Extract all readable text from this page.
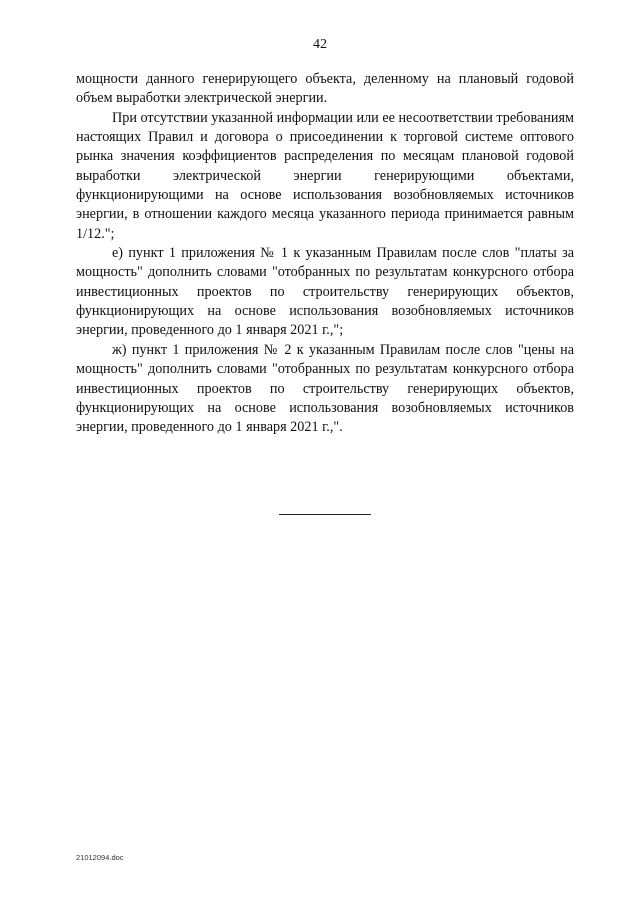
42

мощности данного генерирующего объекта, деленному на плановый годовой объем выработки электрической энергии.

При отсутствии указанной информации или ее несоответствии требованиям настоящих Правил и договора о присоединении к торговой системе оптового рынка значения коэффициентов распределения по месяцам плановой годовой выработки электрической энергии генерирующими объектами, функционирующими на основе использования возобновляемых источников энергии, в отношении каждого месяца указанного периода принимается равным 1/12.";

е) пункт 1 приложения № 1 к указанным Правилам после слов "платы за мощность" дополнить словами "отобранных по результатам конкурсного отбора инвестиционных проектов по строительству генерирующих объектов, функционирующих на основе использования возобновляемых источников энергии, проведенного до 1 января 2021 г.,";

ж) пункт 1 приложения № 2 к указанным Правилам после слов "цены на мощность" дополнить словами "отобранных по результатам конкурсного отбора инвестиционных проектов по строительству генерирующих объектов, функционирующих на основе использования возобновляемых источников энергии, проведенного до 1 января 2021 г.,".

21012094.doc
